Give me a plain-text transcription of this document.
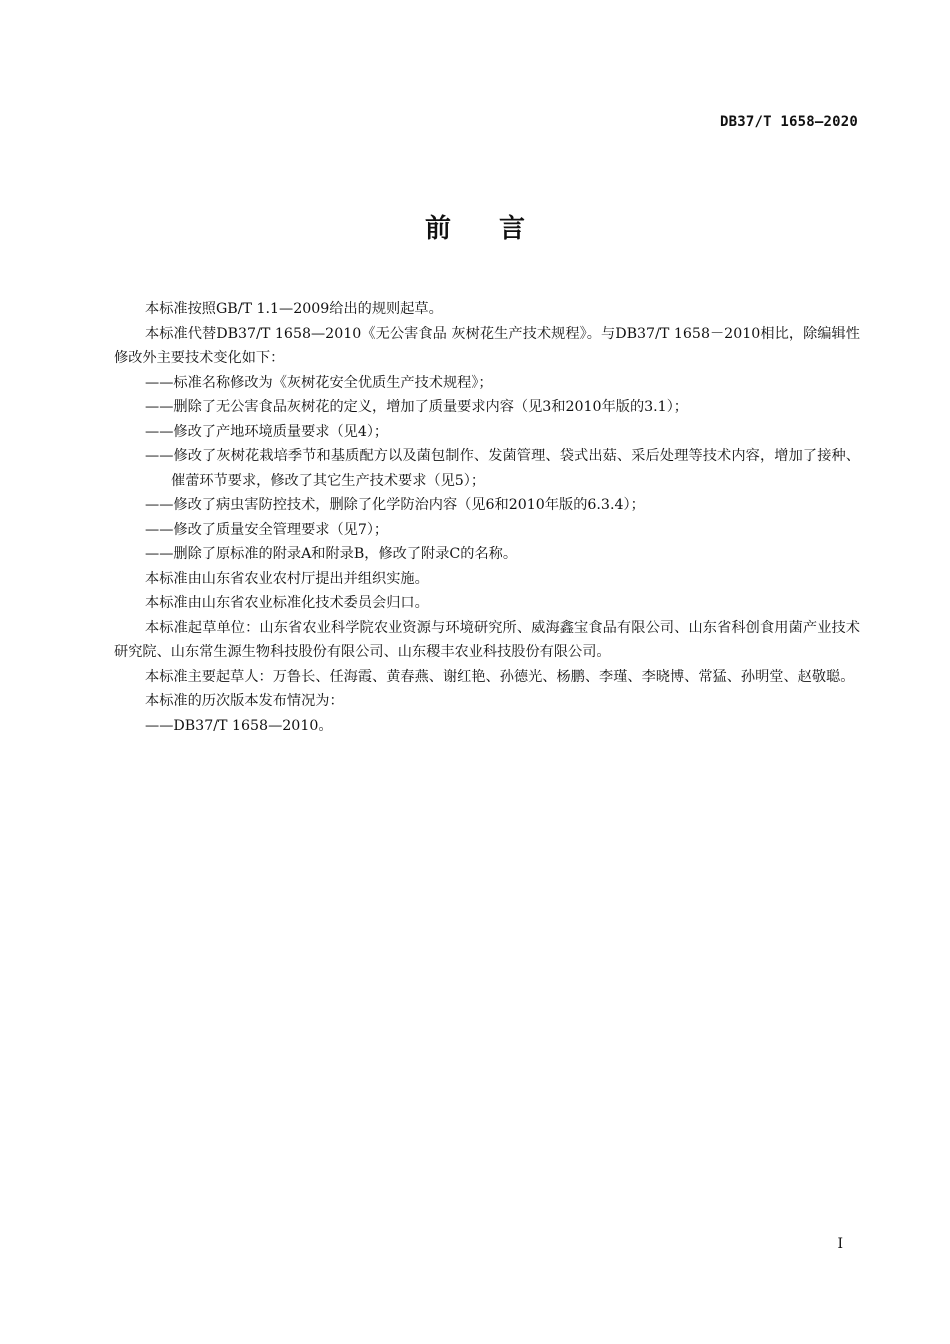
DB37/T 1658—2020
前言

本标准按照GB/T 1.1—2009给出的规则起草。

本标准代替DB37/T 1658—2010《无公害食品 灰树花生产技术规程》。与DB37/T 1658－2010相比，除编辑性修改外主要技术变化如下：

——标准名称修改为《灰树花安全优质生产技术规程》；

——删除了无公害食品灰树花的定义，增加了质量要求内容（见3和2010年版的3.1）；

——修改了产地环境质量要求（见4）；

——修改了灰树花栽培季节和基质配方以及菌包制作、发菌管理、袋式出菇、采后处理等技术内容，增加了接种、催蕾环节要求，修改了其它生产技术要求（见5）；

——修改了病虫害防控技术，删除了化学防治内容（见6和2010年版的6.3.4）；

——修改了质量安全管理要求（见7）；

——删除了原标准的附录A和附录B，修改了附录C的名称。

本标准由山东省农业农村厅提出并组织实施。

本标准由山东省农业标准化技术委员会归口。

本标准起草单位：山东省农业科学院农业资源与环境研究所、威海鑫宝食品有限公司、山东省科创食用菌产业技术研究院、山东常生源生物科技股份有限公司、山东稷丰农业科技股份有限公司。

本标准主要起草人：万鲁长、任海霞、黄春燕、谢红艳、孙德光、杨鹏、李瑾、李晓博、常猛、孙明堂、赵敬聪。

本标准的历次版本发布情况为：

——DB37/T 1658—2010。

I
